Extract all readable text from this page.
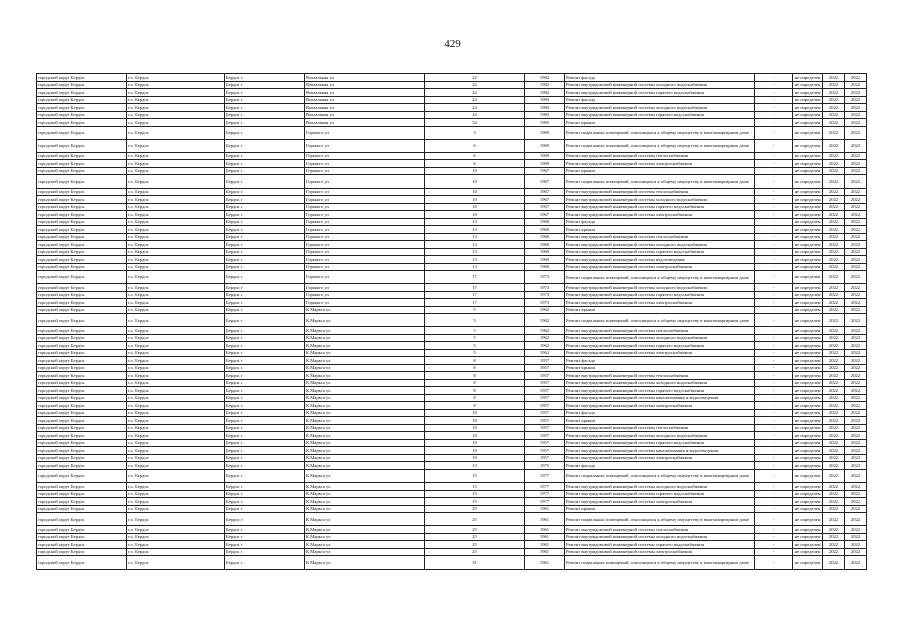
429
городской округ Бердск	г.о. Бердск	Бердск г	Вокзальная ул	22	1982	Ремонт фасада	-	не определен	2022	2022
городской округ Бердск	г.о. Бердск	Бердск г	Вокзальная ул	22	1982	Ремонт внутридомовой инженерной системы холодного водоснабжения	-	не определен	2022	2022
городской округ Бердск	г.о. Бердск	Бердск г	Вокзальная ул	22	1982	Ремонт внутридомовой инженерной системы горячего водоснабжения	-	не определен	2022	2022
городской округ Бердск	г.о. Бердск	Бердск г	Вокзальная ул	24	1983	Ремонт фасада	-	не определен	2022	2022
городской округ Бердск	г.о. Бердск	Бердск г	Вокзальная ул	24	1983	Ремонт внутридомовой инженерной системы холодного водоснабжения	-	не определен	2022	2022
городской округ Бердск	г.о. Бердск	Бердск г	Вокзальная ул	24	1983	Ремонт внутридомовой инженерной системы горячего водоснабжения	-	не определен	2022	2022
городской округ Бердск	г.о. Бердск	Бердск г	Вокзальная ул	54	1985	Ремонт крыши	-	не определен	2022	2022
городской округ Бердск	г.о. Бердск	Бердск г	Горького ул	3	1969	Ремонт подвальных помещений, относящихся к общему имуществу в многоквартирном доме	-	не определен	2022	2022
городской округ Бердск	г.о. Бердск	Бердск г	Горького ул	6	1969	Ремонт подвальных помещений, относящихся к общему имуществу в многоквартирном доме	-	не определен	2022	2022
городской округ Бердск	г.о. Бердск	Бердск г	Горького ул	6	1969	Ремонт внутридомовой инженерной системы теплоснабжения	-	не определен	2022	2022
городской округ Бердск	г.о. Бердск	Бердск г	Горького ул	6	1969	Ремонт внутридомовой инженерной системы электроснабжения	-	не определен	2022	2022
городской округ Бердск	г.о. Бердск	Бердск г	Горького ул	10	1967	Ремонт крыши	-	не определен	2022	2022
городской округ Бердск	г.о. Бердск	Бердск г	Горького ул	10	1967	Ремонт подвальных помещений, относящихся к общему имуществу в многоквартирном доме	-	не определен	2022	2022
городской округ Бердск	г.о. Бердск	Бердск г	Горького ул	10	1967	Ремонт внутридомовой инженерной системы теплоснабжения	-	не определен	2022	2022
городской округ Бердск	г.о. Бердск	Бердск г	Горького ул	10	1967	Ремонт внутридомовой инженерной системы холодного водоснабжения	-	не определен	2022	2022
городской округ Бердск	г.о. Бердск	Бердск г	Горького ул	10	1967	Ремонт внутридомовой инженерной системы горячего водоснабжения	-	не определен	2022	2022
городской округ Бердск	г.о. Бердск	Бердск г	Горького ул	10	1967	Ремонт внутридомовой инженерной системы электроснабжения	-	не определен	2022	2022
городской округ Бердск	г.о. Бердск	Бердск г	Горького ул	13	1960	Ремонт фасада	-	не определен	2022	2022
городской округ Бердск	г.о. Бердск	Бердск г	Горького ул	13	1960	Ремонт крыши	-	не определен	2022	2022
городской округ Бердск	г.о. Бердск	Бердск г	Горького ул	13	1960	Ремонт внутридомовой инженерной системы теплоснабжения	-	не определен	2022	2022
городской округ Бердск	г.о. Бердск	Бердск г	Горького ул	13	1960	Ремонт внутридомовой инженерной системы холодного водоснабжения	-	не определен	2022	2022
городской округ Бердск	г.о. Бердск	Бердск г	Горького ул	13	1960	Ремонт внутридомовой инженерной системы горячего водоснабжения	-	не определен	2022	2022
городской округ Бердск	г.о. Бердск	Бердск г	Горького ул	13	1960	Ремонт внутридомовой инженерной системы водоотведения	-	не определен	2022	2022
городской округ Бердск	г.о. Бердск	Бердск г	Горького ул	13	1960	Ремонт внутридомовой инженерной системы электроснабжения	-	не определен	2022	2022
городской округ Бердск	г.о. Бердск	Бердск г	Горького ул	17	1973	Ремонт подвальных помещений, относящихся к общему имуществу в многоквартирном доме	-	не определен	2022	2022
городской округ Бердск	г.о. Бердск	Бердск г	Горького ул	17	1973	Ремонт внутридомовой инженерной системы холодного водоснабжения	-	не определен	2022	2022
городской округ Бердск	г.о. Бердск	Бердск г	Горького ул	17	1973	Ремонт внутридомовой инженерной системы горячего водоснабжения	-	не определен	2022	2022
городской округ Бердск	г.о. Бердск	Бердск г	Горького ул	17	1973	Ремонт внутридомовой инженерной системы электроснабжения	-	не определен	2022	2022
городской округ Бердск	г.о. Бердск	Бердск г	К.Маркса ул	5	1962	Ремонт крыши	-	не определен	2022	2022
городской округ Бердск	г.о. Бердск	Бердск г	К.Маркса ул	5	1962	Ремонт подвальных помещений, относящихся к общему имуществу в многоквартирном доме	-	не определен	2022	2022
городской округ Бердск	г.о. Бердск	Бердск г	К.Маркса ул	5	1962	Ремонт внутридомовой инженерной системы теплоснабжения	-	не определен	2022	2022
городской округ Бердск	г.о. Бердск	Бердск г	К.Маркса ул	5	1962	Ремонт внутридомовой инженерной системы холодного водоснабжения	-	не определен	2022	2022
городской округ Бердск	г.о. Бердск	Бердск г	К.Маркса ул	5	1962	Ремонт внутридомовой инженерной системы горячего водоснабжения	-	не определен	2022	2022
городской округ Бердск	г.о. Бердск	Бердск г	К.Маркса ул	5	1962	Ремонт внутридомовой инженерной системы электроснабжения	-	не определен	2022	2022
городской округ Бердск	г.о. Бердск	Бердск г	К.Маркса ул	8	1957	Ремонт фасада	-	не определен	2022	2022
городской округ Бердск	г.о. Бердск	Бердск г	К.Маркса ул	8	1957	Ремонт крыши	-	не определен	2022	2022
городской округ Бердск	г.о. Бердск	Бердск г	К.Маркса ул	8	1957	Ремонт внутридомовой инженерной системы теплоснабжения	-	не определен	2022	2022
городской округ Бердск	г.о. Бердск	Бердск г	К.Маркса ул	8	1957	Ремонт внутридомовой инженерной системы холодного водоснабжения	-	не определен	2022	2022
городской округ Бердск	г.о. Бердск	Бердск г	К.Маркса ул	8	1957	Ремонт внутридомовой инженерной системы горячего водоснабжения	-	не определен	2022	2022
городской округ Бердск	г.о. Бердск	Бердск г	К.Маркса ул	8	1957	Ремонт внутридомовой инженерной системы канализования и водоотведения	-	не определен	2022	2022
городской округ Бердск	г.о. Бердск	Бердск г	К.Маркса ул	8	1957	Ремонт внутридомовой инженерной системы электроснабжения	-	не определен	2022	2022
городской округ Бердск	г.о. Бердск	Бердск г	К.Маркса ул	10	1957	Ремонт фасада	-	не определен	2022	2022
городской округ Бердск	г.о. Бердск	Бердск г	К.Маркса ул	10	1957	Ремонт крыши	-	не определен	2022	2022
городской округ Бердск	г.о. Бердск	Бердск г	К.Маркса ул	10	1957	Ремонт внутридомовой инженерной системы теплоснабжения	-	не определен	2022	2022
городской округ Бердск	г.о. Бердск	Бердск г	К.Маркса ул	10	1957	Ремонт внутридомовой инженерной системы холодного водоснабжения	-	не определен	2022	2022
городской округ Бердск	г.о. Бердск	Бердск г	К.Маркса ул	10	1957	Ремонт внутридомовой инженерной системы горячего водоснабжения	-	не определен	2022	2022
городской округ Бердск	г.о. Бердск	Бердск г	К.Маркса ул	10	1957	Ремонт внутридомовой инженерной системы канализования и водоотведения	-	не определен	2022	2022
городской округ Бердск	г.о. Бердск	Бердск г	К.Маркса ул	10	1957	Ремонт внутридомовой инженерной системы электроснабжения	-	не определен	2022	2022
городской округ Бердск	г.о. Бердск	Бердск г	К.Маркса ул	13	1975	Ремонт фасада	-	не определен	2022	2022
городской округ Бердск	г.о. Бердск	Бердск г	К.Маркса ул	15	1977	Ремонт подвальных помещений, относящихся к общему имуществу в многоквартирном доме	-	не определен	2022	2022
городской округ Бердск	г.о. Бердск	Бердск г	К.Маркса ул	15	1977	Ремонт внутридомовой инженерной системы холодного водоснабжения	-	не определен	2022	2022
городской округ Бердск	г.о. Бердск	Бердск г	К.Маркса ул	15	1977	Ремонт внутридомовой инженерной системы горячего водоснабжения	-	не определен	2022	2022
городской округ Бердск	г.о. Бердск	Бердск г	К.Маркса ул	15	1977	Ремонт внутридомовой инженерной системы электроснабжения	-	не определен	2022	2022
городской округ Бердск	г.о. Бердск	Бердск г	К.Маркса ул	25	1961	Ремонт крыши	-	не определен	2022	2022
городской округ Бердск	г.о. Бердск	Бердск г	К.Маркса ул	25	1961	Ремонт подвальных помещений, относящихся к общему имуществу в многоквартирном доме	-	не определен	2022	2022
городской округ Бердск	г.о. Бердск	Бердск г	К.Маркса ул	25	1961	Ремонт внутридомовой инженерной системы теплоснабжения	-	не определен	2022	2022
городской округ Бердск	г.о. Бердск	Бердск г	К.Маркса ул	25	1961	Ремонт внутридомовой инженерной системы холодного водоснабжения	-	не определен	2022	2022
городской округ Бердск	г.о. Бердск	Бердск г	К.Маркса ул	25	1961	Ремонт внутридомовой инженерной системы горячего водоснабжения	-	не определен	2022	2022
городской округ Бердск	г.о. Бердск	Бердск г	К.Маркса ул	25	1961	Ремонт внутридомовой инженерной системы электроснабжения	-	не определен	2022	2022
городской округ Бердск	г.о. Бердск	Бердск г	К.Маркса ул	31	1961	Ремонт подвальных помещений, относящихся к общему имуществу в многоквартирном доме	-	не определен	2022	2022
